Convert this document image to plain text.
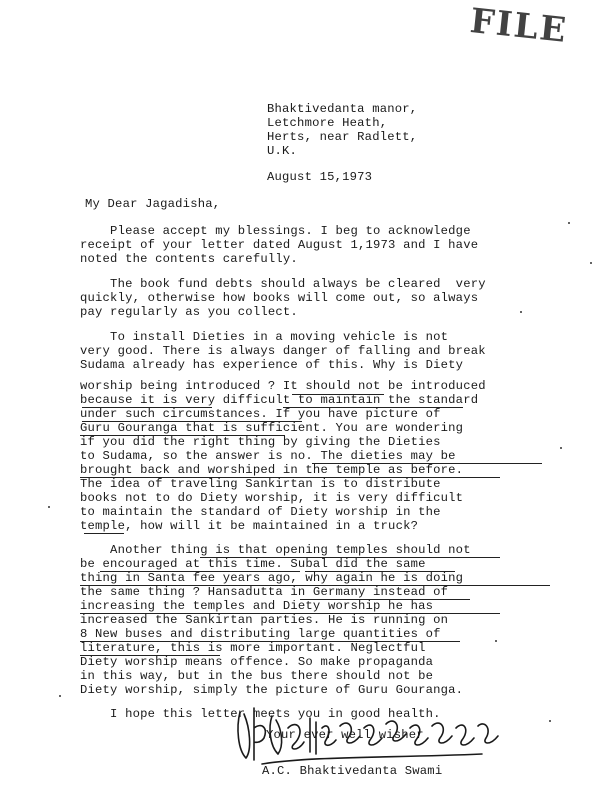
FILE
Bhaktivedanta manor,
Letchmore Heath,
Herts, near Radlett,
U.K.
August 15,1973
My Dear Jagadisha,
Please accept my blessings. I beg to acknowledge
receipt of your letter dated August 1,1973 and I have
noted the contents carefully.
The book fund debts should always be cleared  very
quickly, otherwise how books will come out, so always
pay regularly as you collect.
To install Dieties in a moving vehicle is not
very good. There is always danger of falling and break
Sudama already has experience of this. Why is Diety
worship being introduced ? It should not be introduced
because it is very difficult to maintain the standard
under such circumstances. If you have picture of
Guru Gouranga that is sufficient. You are wondering
if you did the right thing by giving the Dieties
to Sudama, so the answer is no. The dieties may be
brought back and worshiped in the temple as before.
The idea of traveling Sankirtan is to distribute
books not to do Diety worship, it is very difficult
to maintain the standard of Diety worship in the
temple, how will it be maintained in a truck?
Another thing is that opening temples should not
be encouraged at this time. Subal did the same
thing in Santa fee years ago, why again he is doing
the same thing ? Hansadutta in Germany instead of
increasing the temples and Diety worship he has
increased the Sankirtan parties. He is running on
8 New buses and distributing large quantities of
literature, this is more important. Neglectful
Diety worship means offence. So make propaganda
in this way, but in the bus there should not be
Diety worship, simply the picture of Guru Gouranga.
I hope this letter meets you in good health.
Your ever well wisher
A.C. Bhaktivedanta Swami
